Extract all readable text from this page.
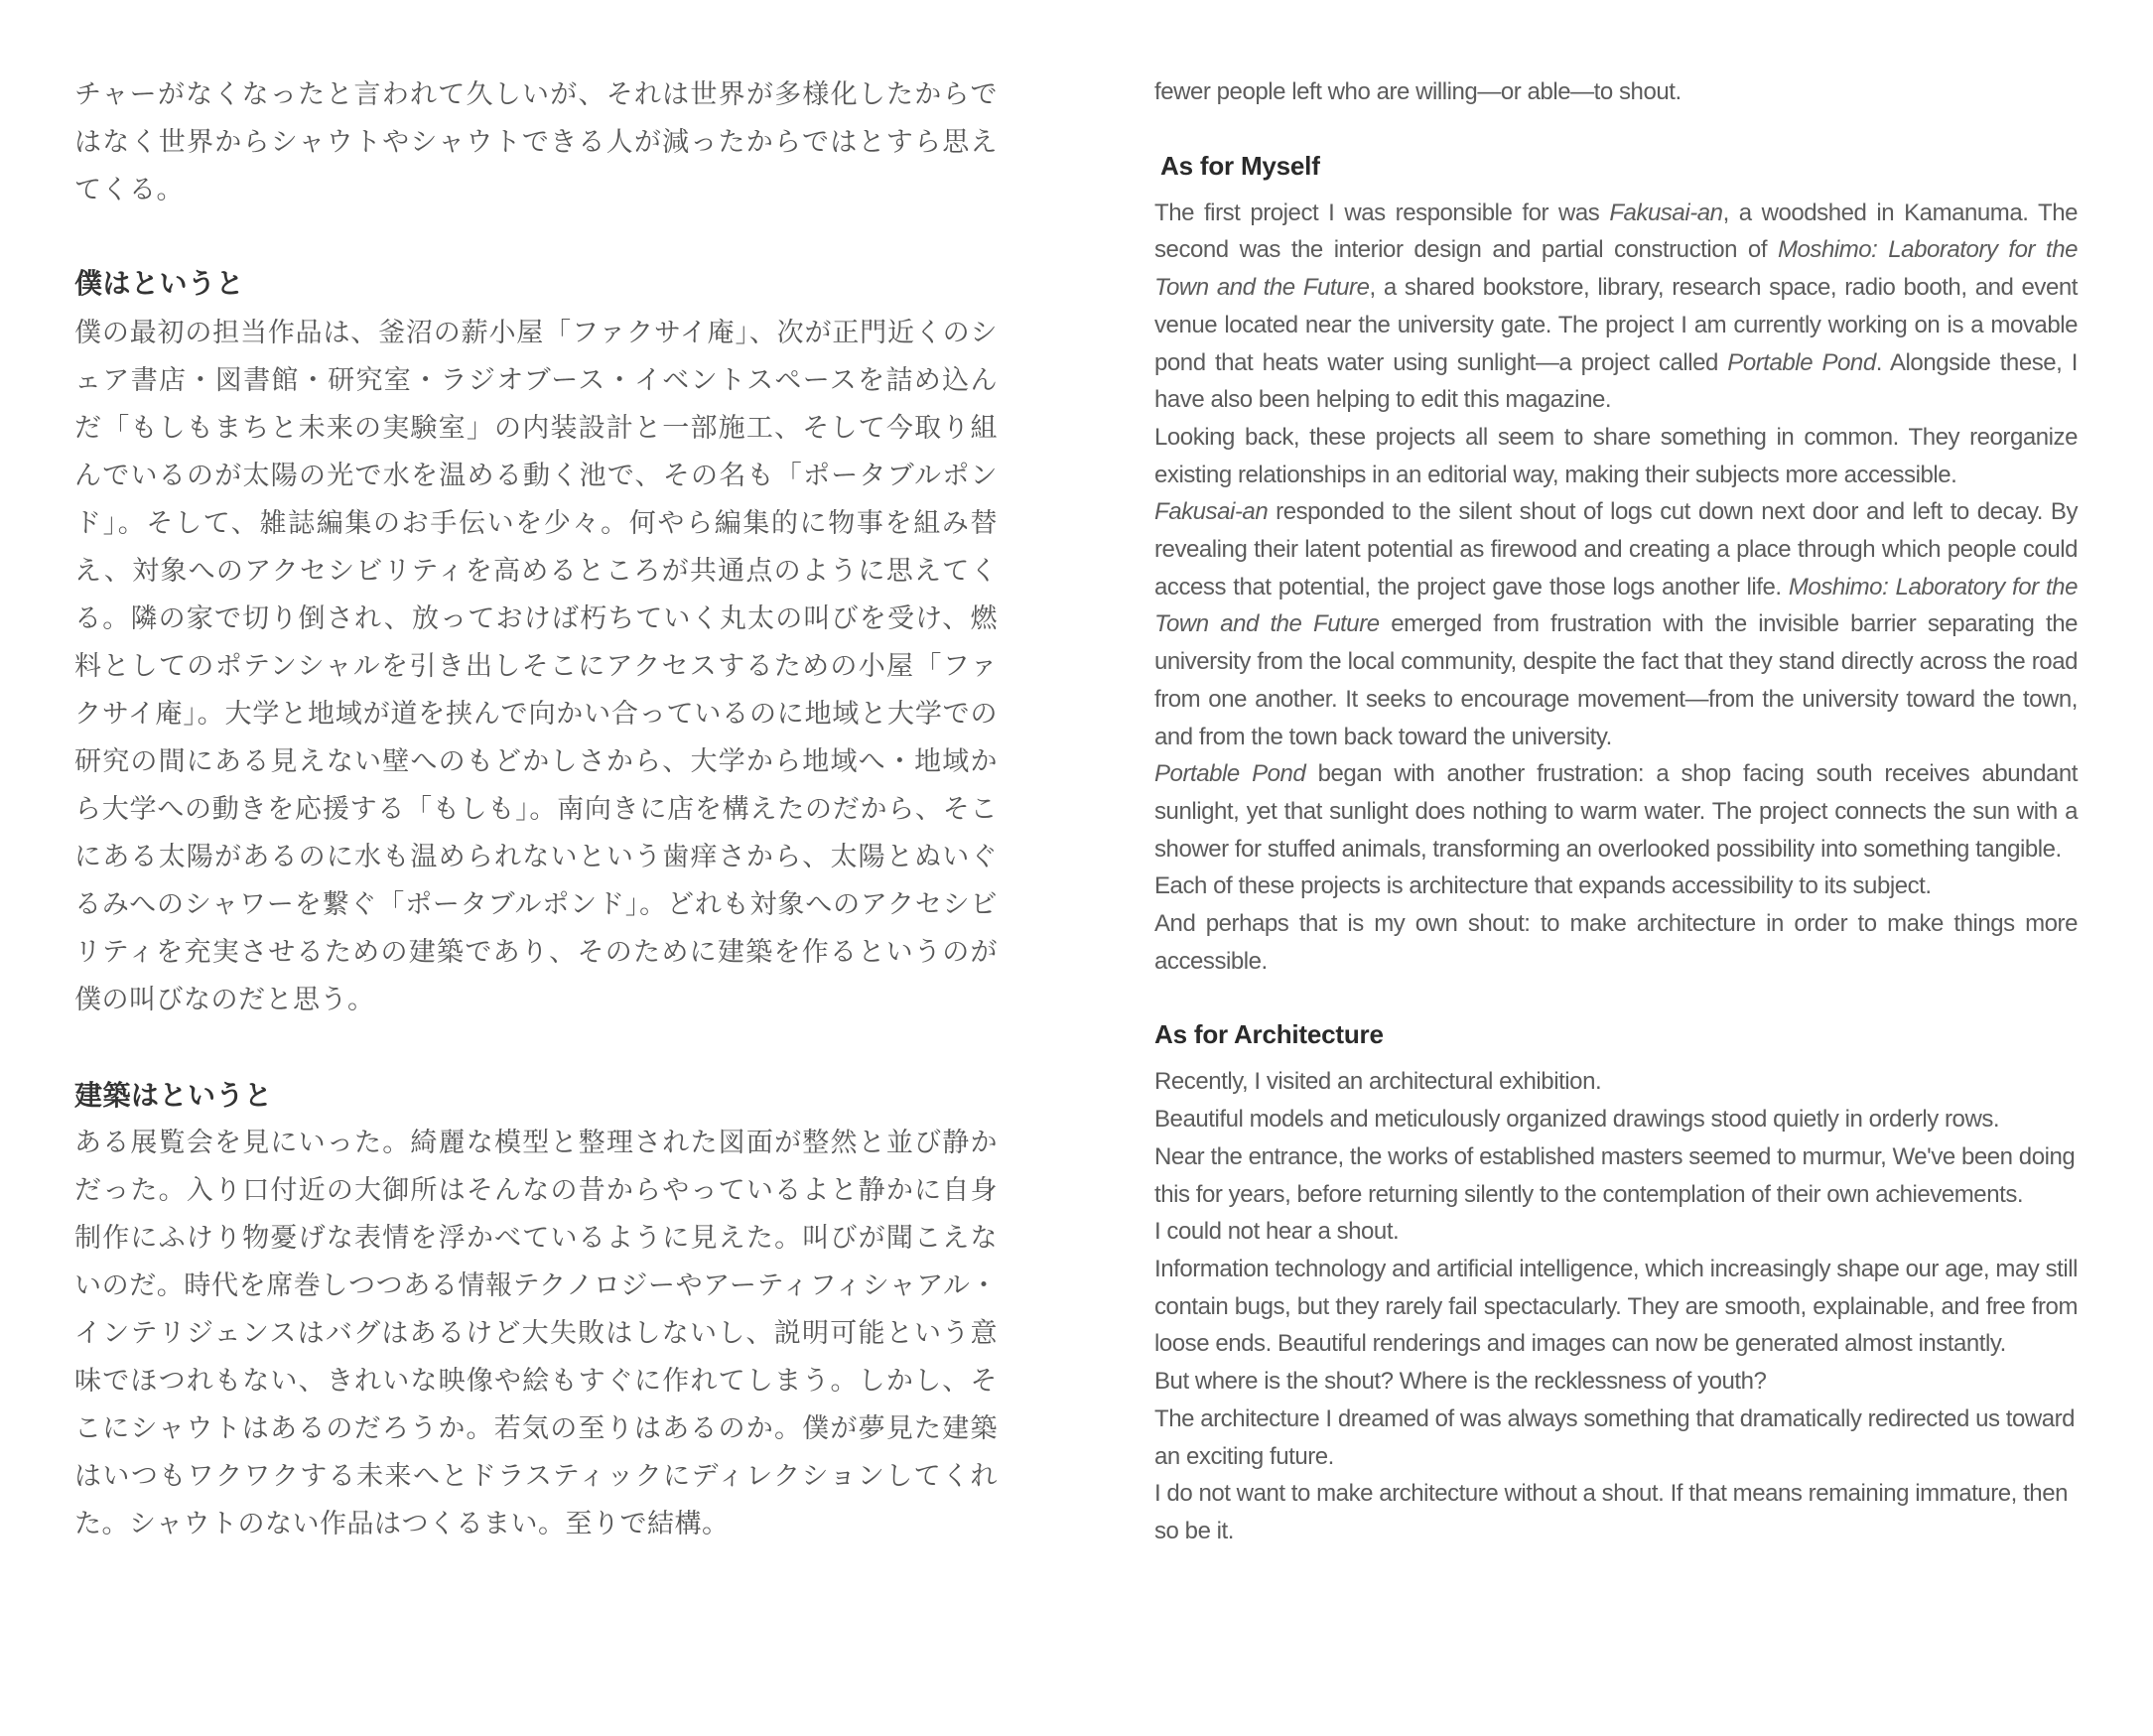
チャーがなくなったと言われて久しいが、それは世界が多様化したからではなく世界からシャウトやシャウトできる人が減ったからではとすら思えてくる。

僕はというと

僕の最初の担当作品は、釜沼の薪小屋「ファクサイ庵」、次が正門近くのシェア書店・図書館・研究室・ラジオブース・イベントスペースを詰め込んだ「もしもまちと未来の実験室」の内装設計と一部施工、そして今取り組んでいるのが太陽の光で水を温める動く池で、その名も「ポータブルポンド」。そして、雑誌編集のお手伝いを少々。何やら編集的に物事を組み替え、対象へのアクセシビリティを高めるところが共通点のように思えてくる。隣の家で切り倒され、放っておけば朽ちていく丸太の叫びを受け、燃料としてのポテンシャルを引き出しそこにアクセスするための小屋「ファクサイ庵」。大学と地域が道を挟んで向かい合っているのに地域と大学での研究の間にある見えない壁へのもどかしさから、大学から地域へ・地域から大学への動きを応援する「もしも」。南向きに店を構えたのだから、そこにある太陽があるのに水も温められないという歯痒さから、太陽とぬいぐるみへのシャワーを繋ぐ「ポータブルポンド」。どれも対象へのアクセシビリティを充実させるための建築であり、そのために建築を作るというのが僕の叫びなのだと思う。

建築はというと

ある展覧会を見にいった。綺麗な模型と整理された図面が整然と並び静かだった。入り口付近の大御所はそんなの昔からやっているよと静かに自身制作にふけり物憂げな表情を浮かべているように見えた。叫びが聞こえないのだ。時代を席巻しつつある情報テクノロジーやアーティフィシャアル・インテリジェンスはバグはあるけど大失敗はしないし、説明可能という意味でほつれもない、きれいな映像や絵もすぐに作れてしまう。しかし、そこにシャウトはあるのだろうか。若気の至りはあるのか。僕が夢見た建築はいつもワクワクする未来へとドラスティックにディレクションしてくれた。シャウトのない作品はつくるまい。至りで結構。

fewer people left who are willing—or able—to shout.

As for Myself

The first project I was responsible for was Fakusai-an, a woodshed in Kamanuma. The second was the interior design and partial construction of Moshimo: Laboratory for the Town and the Future, a shared bookstore, library, research space, radio booth, and event venue located near the university gate. The project I am currently working on is a movable pond that heats water using sunlight—a project called Portable Pond. Alongside these, I have also been helping to edit this magazine.

Looking back, these projects all seem to share something in common. They reorganize existing relationships in an editorial way, making their subjects more accessible.

Fakusai-an responded to the silent shout of logs cut down next door and left to decay. By revealing their latent potential as firewood and creating a place through which people could access that potential, the project gave those logs another life. Moshimo: Laboratory for the Town and the Future emerged from frustration with the invisible barrier separating the university from the local community, despite the fact that they stand directly across the road from one another. It seeks to encourage movement—from the university toward the town, and from the town back toward the university.

Portable Pond began with another frustration: a shop facing south receives abundant sunlight, yet that sunlight does nothing to warm water. The project connects the sun with a shower for stuffed animals, transforming an overlooked possibility into something tangible.

Each of these projects is architecture that expands accessibility to its subject.

And perhaps that is my own shout: to make architecture in order to make things more accessible.

As for Architecture

Recently, I visited an architectural exhibition.

Beautiful models and meticulously organized drawings stood quietly in orderly rows.

Near the entrance, the works of established masters seemed to murmur, We've been doing this for years, before returning silently to the contemplation of their own achievements.

I could not hear a shout.

Information technology and artificial intelligence, which increasingly shape our age, may still contain bugs, but they rarely fail spectacularly. They are smooth, explainable, and free from loose ends. Beautiful renderings and images can now be generated almost instantly.

But where is the shout? Where is the recklessness of youth?

The architecture I dreamed of was always something that dramatically redirected us toward an exciting future.

I do not want to make architecture without a shout. If that means remaining immature, then so be it.
